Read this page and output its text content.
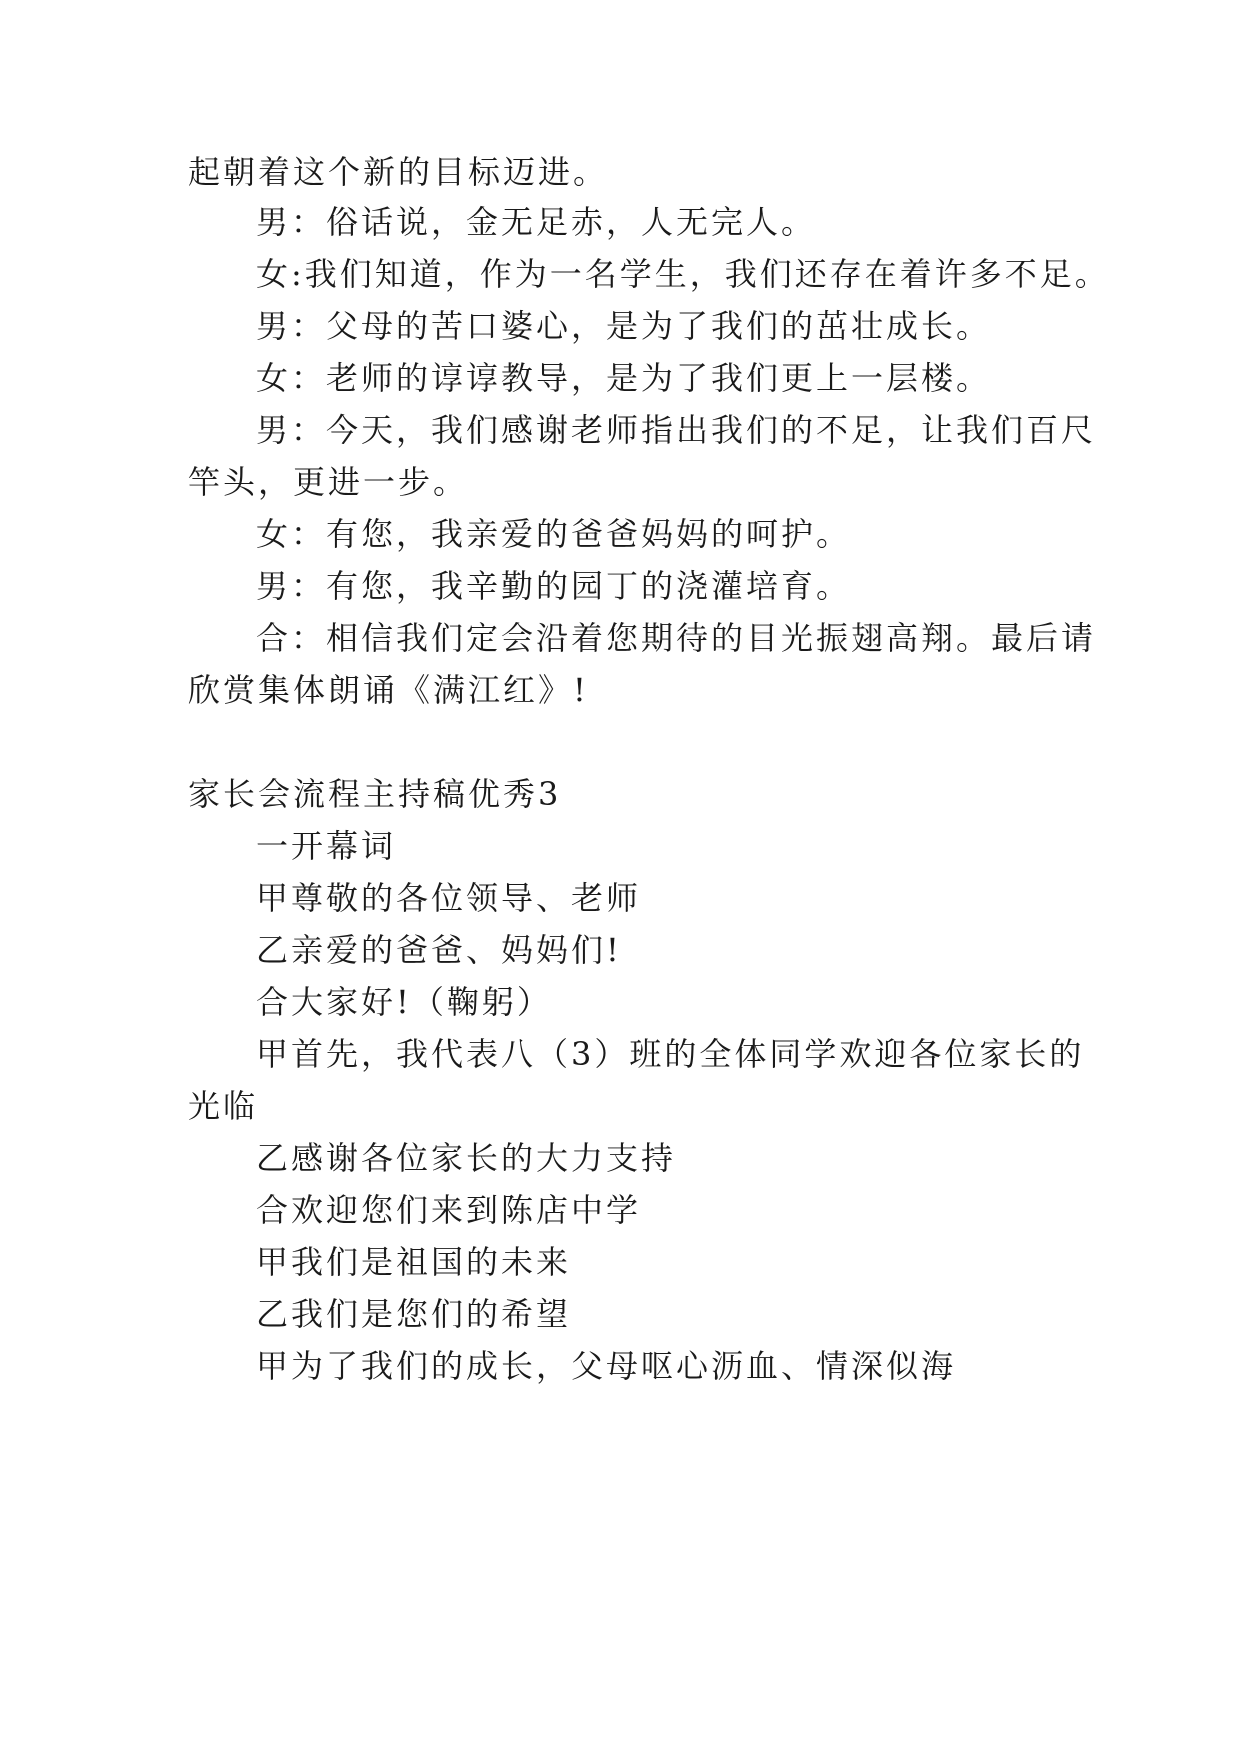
起朝着这个新的目标迈进。
男：俗话说，金无足赤，人无完人。
女:我们知道，作为一名学生，我们还存在着许多不足。
男：父母的苦口婆心，是为了我们的茁壮成长。
女：老师的谆谆教导，是为了我们更上一层楼。
男：今天，我们感谢老师指出我们的不足，让我们百尺
竿头，更进一步。
女：有您，我亲爱的爸爸妈妈的呵护。
男：有您，我辛勤的园丁的浇灌培育。
合：相信我们定会沿着您期待的目光振翅高翔。最后请
欣赏集体朗诵《满江红》!
家长会流程主持稿优秀3
一开幕词
甲尊敬的各位领导、老师
乙亲爱的爸爸、妈妈们!
合大家好!（鞠躬）
甲首先，我代表八（3）班的全体同学欢迎各位家长的
光临
乙感谢各位家长的大力支持
合欢迎您们来到陈店中学
甲我们是祖国的未来
乙我们是您们的希望
甲为了我们的成长，父母呕心沥血、情深似海
